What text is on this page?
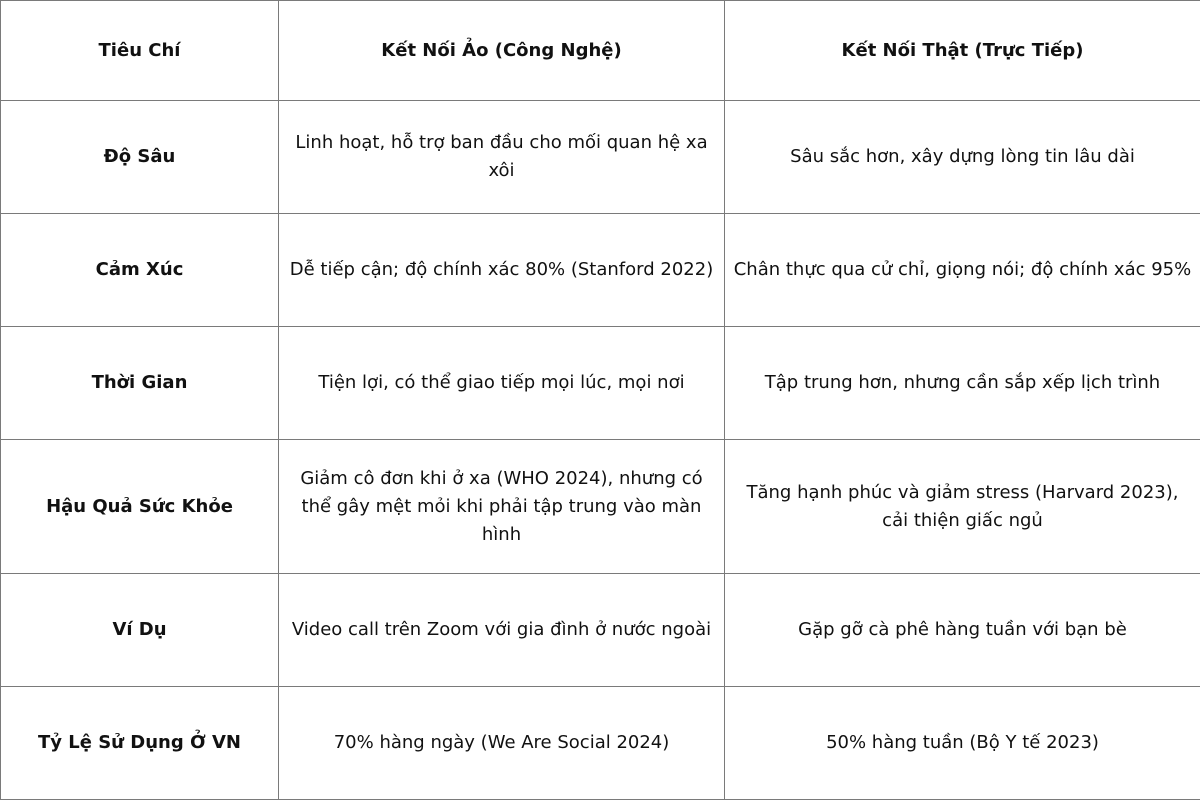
Tiêu Chí	Kết Nối Ảo (Công Nghệ)	Kết Nối Thật (Trực Tiếp)
Độ Sâu	Linh hoạt, hỗ trợ ban đầu cho mối quan hệ xa xôi	Sâu sắc hơn, xây dựng lòng tin lâu dài
Cảm Xúc	Dễ tiếp cận; độ chính xác 80% (Stanford 2022)	Chân thực qua cử chỉ, giọng nói; độ chính xác 95%
Thời Gian	Tiện lợi, có thể giao tiếp mọi lúc, mọi nơi	Tập trung hơn, nhưng cần sắp xếp lịch trình
Hậu Quả Sức Khỏe	Giảm cô đơn khi ở xa (WHO 2024), nhưng có thể gây mệt mỏi khi phải tập trung vào màn hình	Tăng hạnh phúc và giảm stress (Harvard 2023), cải thiện giấc ngủ
Ví Dụ	Video call trên Zoom với gia đình ở nước ngoài	Gặp gỡ cà phê hàng tuần với bạn bè
Tỷ Lệ Sử Dụng Ở VN	70% hàng ngày (We Are Social 2024)	50% hàng tuần (Bộ Y tế 2023)
